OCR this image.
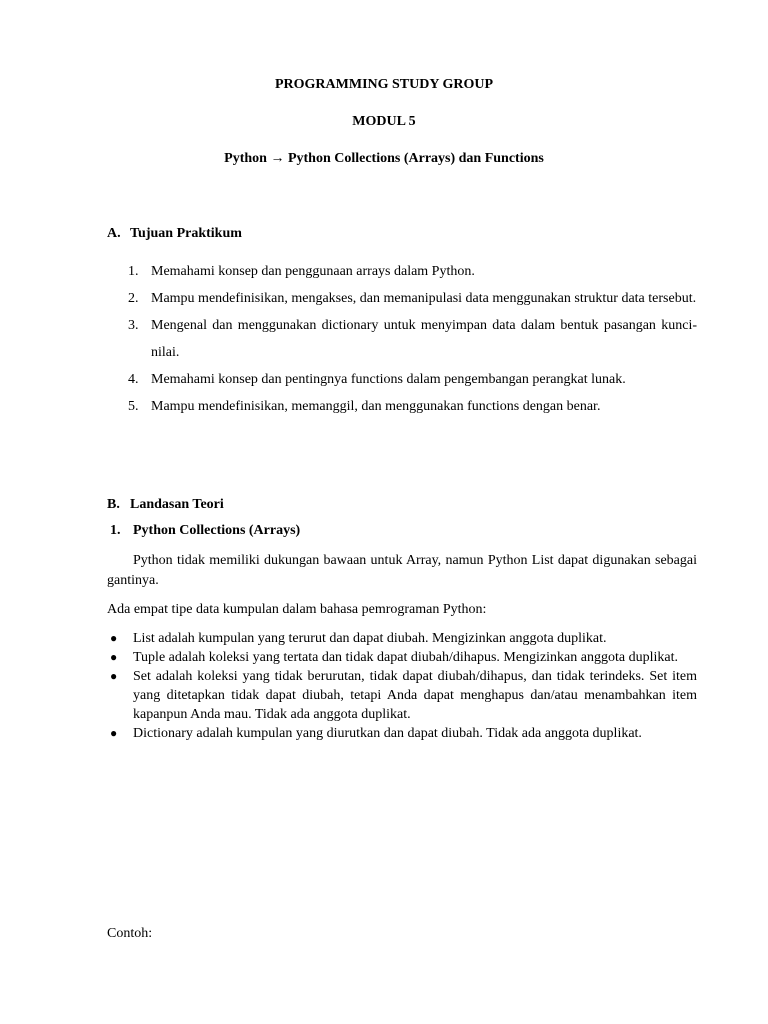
PROGRAMMING STUDY GROUP
MODUL 5
Python → Python Collections (Arrays) dan Functions
A. Tujuan Praktikum
1. Memahami konsep dan penggunaan arrays dalam Python.
2. Mampu mendefinisikan, mengakses, dan memanipulasi data menggunakan struktur data tersebut.
3. Mengenal dan menggunakan dictionary untuk menyimpan data dalam bentuk pasangan kunci-nilai.
4. Memahami konsep dan pentingnya functions dalam pengembangan perangkat lunak.
5. Mampu mendefinisikan, memanggil, dan menggunakan functions dengan benar.
B. Landasan Teori
1. Python Collections (Arrays)

Python tidak memiliki dukungan bawaan untuk Array, namun Python List dapat digunakan sebagai gantinya.

Ada empat tipe data kumpulan dalam bahasa pemrograman Python:

● List adalah kumpulan yang terurut dan dapat diubah. Mengizinkan anggota duplikat.
● Tuple adalah koleksi yang tertata dan tidak dapat diubah/dihapus. Mengizinkan anggota duplikat.
● Set adalah koleksi yang tidak berurutan, tidak dapat diubah/dihapus, dan tidak terindeks. Set item yang ditetapkan tidak dapat diubah, tetapi Anda dapat menghapus dan/atau menambahkan item kapanpun Anda mau. Tidak ada anggota duplikat.
● Dictionary adalah kumpulan yang diurutkan dan dapat diubah. Tidak ada anggota duplikat.

Contoh:
